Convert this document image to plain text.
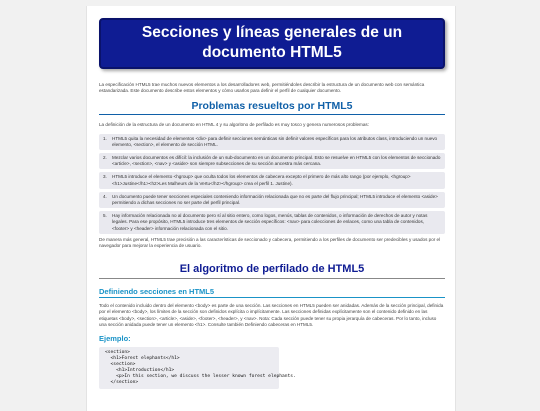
Secciones y líneas generales de un documento HTML5

La especificación HTML5 trae muchos nuevos elementos a los desarrolladores web, permitiéndoles describir la estructura de un documento web con semántica estandarizada. Este documento describe estos elementos y cómo usarlos para definir el perfil de cualquier documento.

Problemas resueltos por HTML5

La definición de la estructura de un documento en HTML 4 y su algoritmo de perfilado es muy tosco y genera numerosos problemas:

1.	HTML5 quita la necesidad de elementos <div> para definir secciones semánticas sin definir valores específicos para los atributos class, introduciendo un nuevo elemento, <section>, el elemento de sección HTML.
2.	Mezclar varios documentos es difícil: la inclusión de un sub-documento en un documento principal. Esto se resuelve en HTML5 con los elementos de seccionado <article>, <section>, <nav> y <aside> son siempre subsecciones de su sección ancestra más cercana.
3.	HTML5 introduce el elemento <hgroup> que oculta todos los elementos de cabecera excepto el primero de más alto rango (por ejemplo, <hgroup><h1>Justine</h1><h2>Les Malheurs de la Vertu</h2></hgroup> crea el perfil 1. Justine).
4.	Un documento puede tener secciones especiales conteniendo información relacionada que no es parte del flujo principal; HTML5 introduce el elemento <aside> permitiendo a dichas secciones no ser parte del perfil principal.
5.	Hay información relacionada no al documento pero sí al sitio entero, como logos, menús, tablas de contenidos, o información de derechos de autor y notas legales. Para ese propósito, HTML5 introduce tres elementos de sección específicos: <nav> para colecciones de enlaces, como una tabla de contenidos, <footer> y <header> información relacionada con el sitio.

De manera más general, HTML5 trae precisión a las características de seccionado y cabecera, permitiendo a los perfiles de documento ser predecibles y usados por el navegador para mejorar la experiencia de usuario.

El algoritmo de perfilado de HTML5
Definiendo secciones en HTML5

Todo el contenido incluido dentro del elemento <body> es parte de una sección. Las secciones en HTML5 pueden ser anidadas. Además de la sección principal, definida por el elemento <body>, los límites de la sección son definidos explícita o implícitamente. Las secciones definidas explícitamente son el contenido definido en las etiquetas <body>, <section>, <article>, <aside>, <footer>, <header>, y <nav>. Nota: Cada sección puede tener su propia jerarquía de cabeceras. Por lo tanto, incluso una sección anidada puede tener un elemento <h1>. Consulte también Definiendo cabeceras en HTML5.

Ejemplo:
<section>
<h1>Forest elephants</h1>
<section>
<h1>Introduction</h1>
<p>In this section, we discuss the lesser known forest elephants.
</section>
